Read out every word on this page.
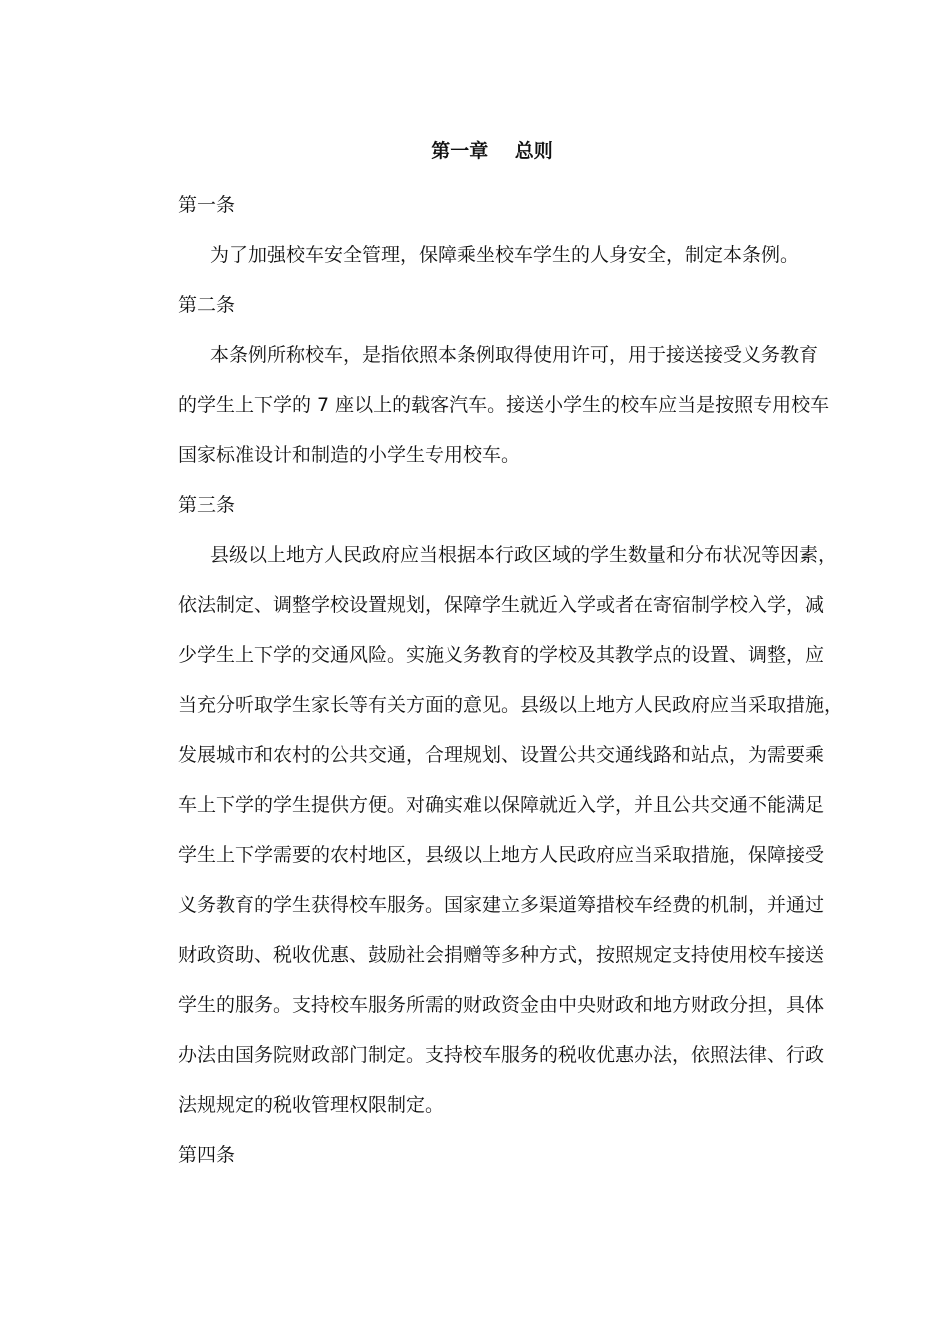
第一章    总则
第一条
为了加强校车安全管理，保障乘坐校车学生的人身安全，制定本条例。
第二条
本条例所称校车，是指依照本条例取得使用许可，用于接送接受义务教育
的学生上下学的 7 座以上的载客汽车。接送小学生的校车应当是按照专用校车
国家标准设计和制造的小学生专用校车。
第三条
县级以上地方人民政府应当根据本行政区域的学生数量和分布状况等因素，
依法制定、调整学校设置规划，保障学生就近入学或者在寄宿制学校入学，减
少学生上下学的交通风险。实施义务教育的学校及其教学点的设置、调整，应
当充分听取学生家长等有关方面的意见。县级以上地方人民政府应当采取措施，
发展城市和农村的公共交通，合理规划、设置公共交通线路和站点，为需要乘
车上下学的学生提供方便。对确实难以保障就近入学，并且公共交通不能满足
学生上下学需要的农村地区，县级以上地方人民政府应当采取措施，保障接受
义务教育的学生获得校车服务。国家建立多渠道筹措校车经费的机制，并通过
财政资助、税收优惠、鼓励社会捐赠等多种方式，按照规定支持使用校车接送
学生的服务。支持校车服务所需的财政资金由中央财政和地方财政分担，具体
办法由国务院财政部门制定。支持校车服务的税收优惠办法，依照法律、行政
法规规定的税收管理权限制定。
第四条
